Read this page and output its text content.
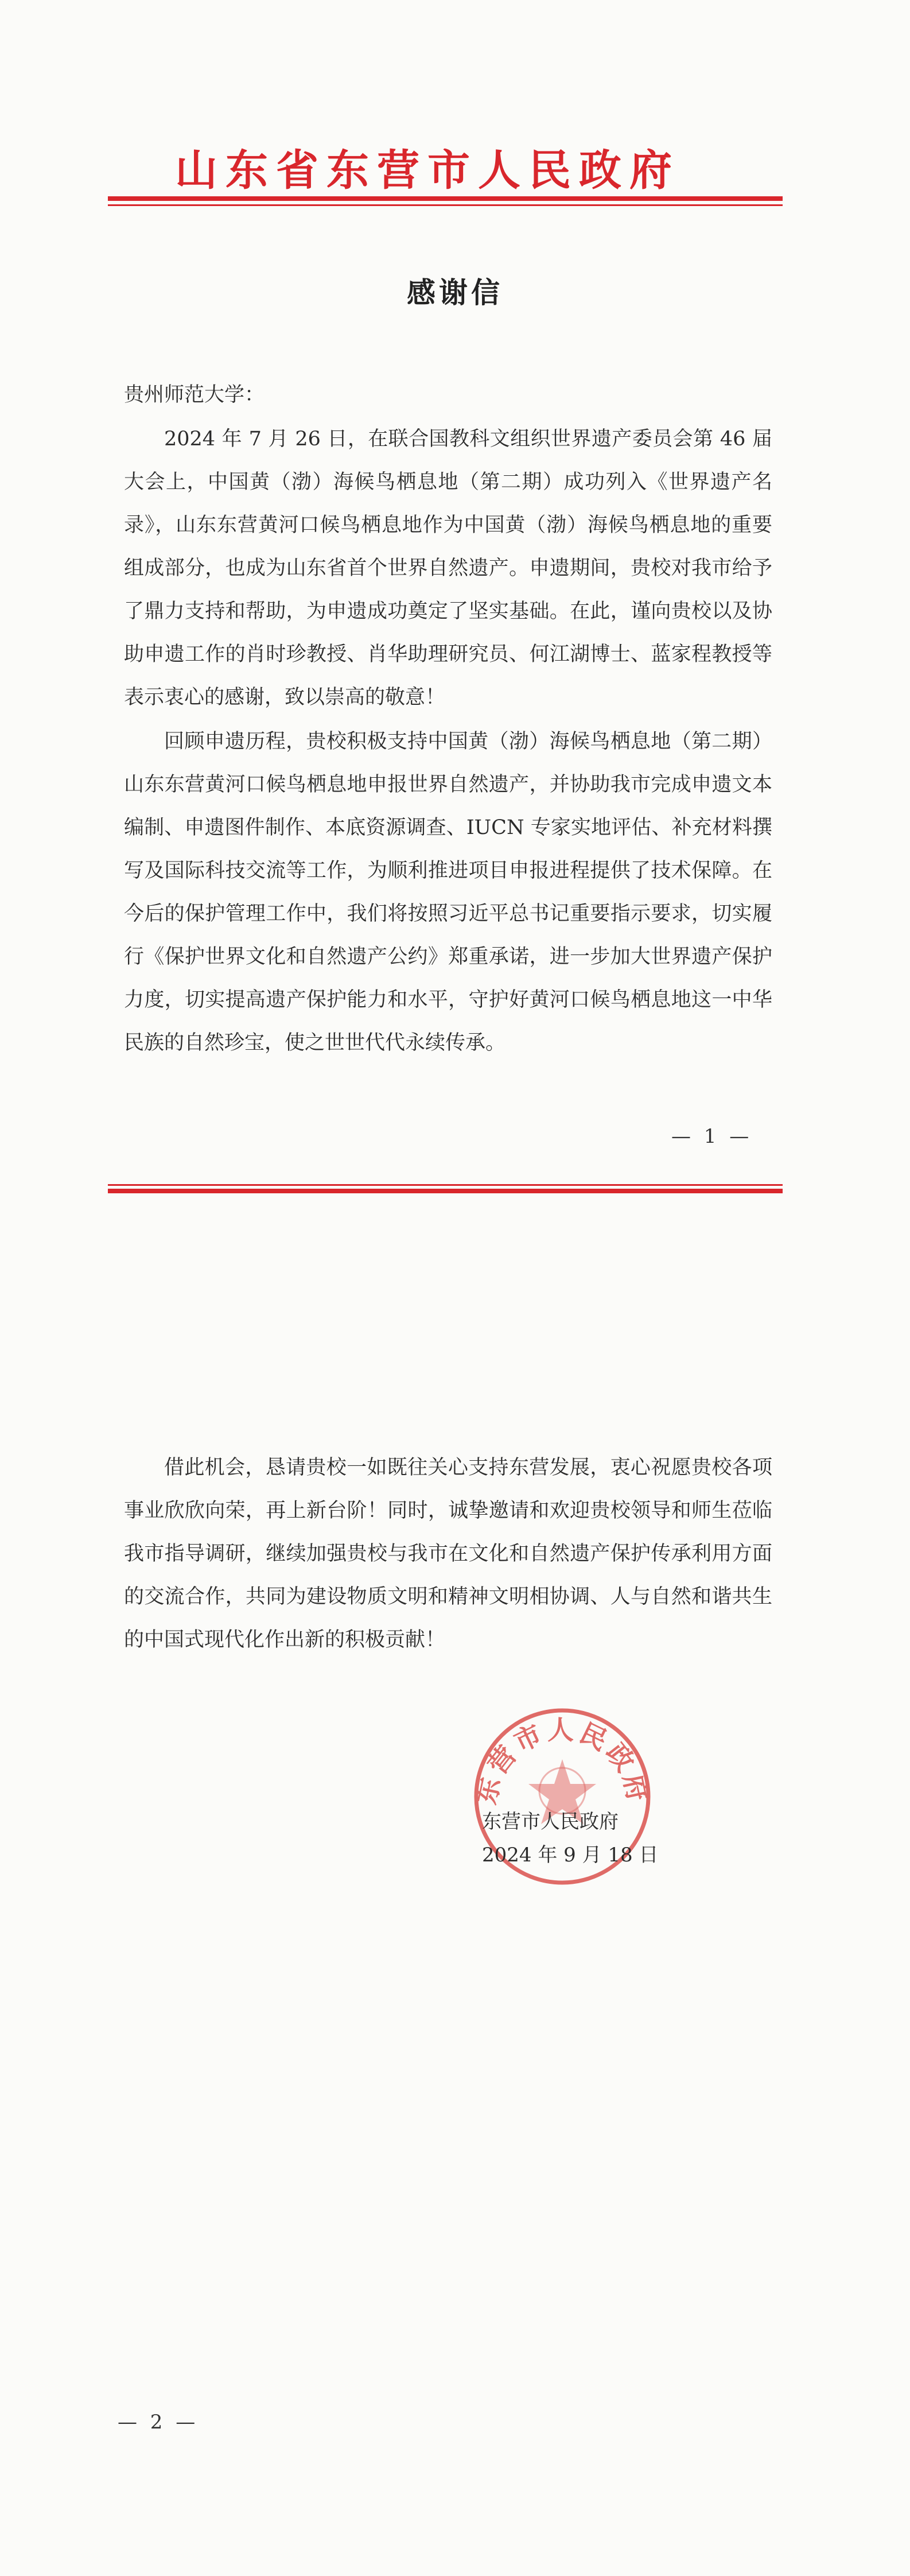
山东省东营市人民政府
感谢信
贵州师范大学：

2024 年 7 月 26 日，在联合国教科文组织世界遗产委员会第 46 届大会上，中国黄（渤）海候鸟栖息地（第二期）成功列入《世界遗产名录》，山东东营黄河口候鸟栖息地作为中国黄（渤）海候鸟栖息地的重要组成部分，也成为山东省首个世界自然遗产。申遗期间，贵校对我市给予了鼎力支持和帮助，为申遗成功奠定了坚实基础。在此，谨向贵校以及协助申遗工作的肖时珍教授、肖华助理研究员、何江湖博士、蓝家程教授等表示衷心的感谢，致以崇高的敬意！

回顾申遗历程，贵校积极支持中国黄（渤）海候鸟栖息地（第二期）山东东营黄河口候鸟栖息地申报世界自然遗产，并协助我市完成申遗文本编制、申遗图件制作、本底资源调查、IUCN 专家实地评估、补充材料撰写及国际科技交流等工作，为顺利推进项目申报进程提供了技术保障。在今后的保护管理工作中，我们将按照习近平总书记重要指示要求，切实履行《保护世界文化和自然遗产公约》郑重承诺，进一步加大世界遗产保护力度，切实提高遗产保护能力和水平，守护好黄河口候鸟栖息地这一中华民族的自然珍宝，使之世世代代永续传承。

— 1 —

借此机会，恳请贵校一如既往关心支持东营发展，衷心祝愿贵校各项事业欣欣向荣，再上新台阶！同时，诚挚邀请和欢迎贵校领导和师生莅临我市指导调研，继续加强贵校与我市在文化和自然遗产保护传承利用方面的交流合作，共同为建设物质文明和精神文明相协调、人与自然和谐共生的中国式现代化作出新的积极贡献！

东营市人民政府
东营市人民政府
2024 年 9 月 18 日
— 2 —
